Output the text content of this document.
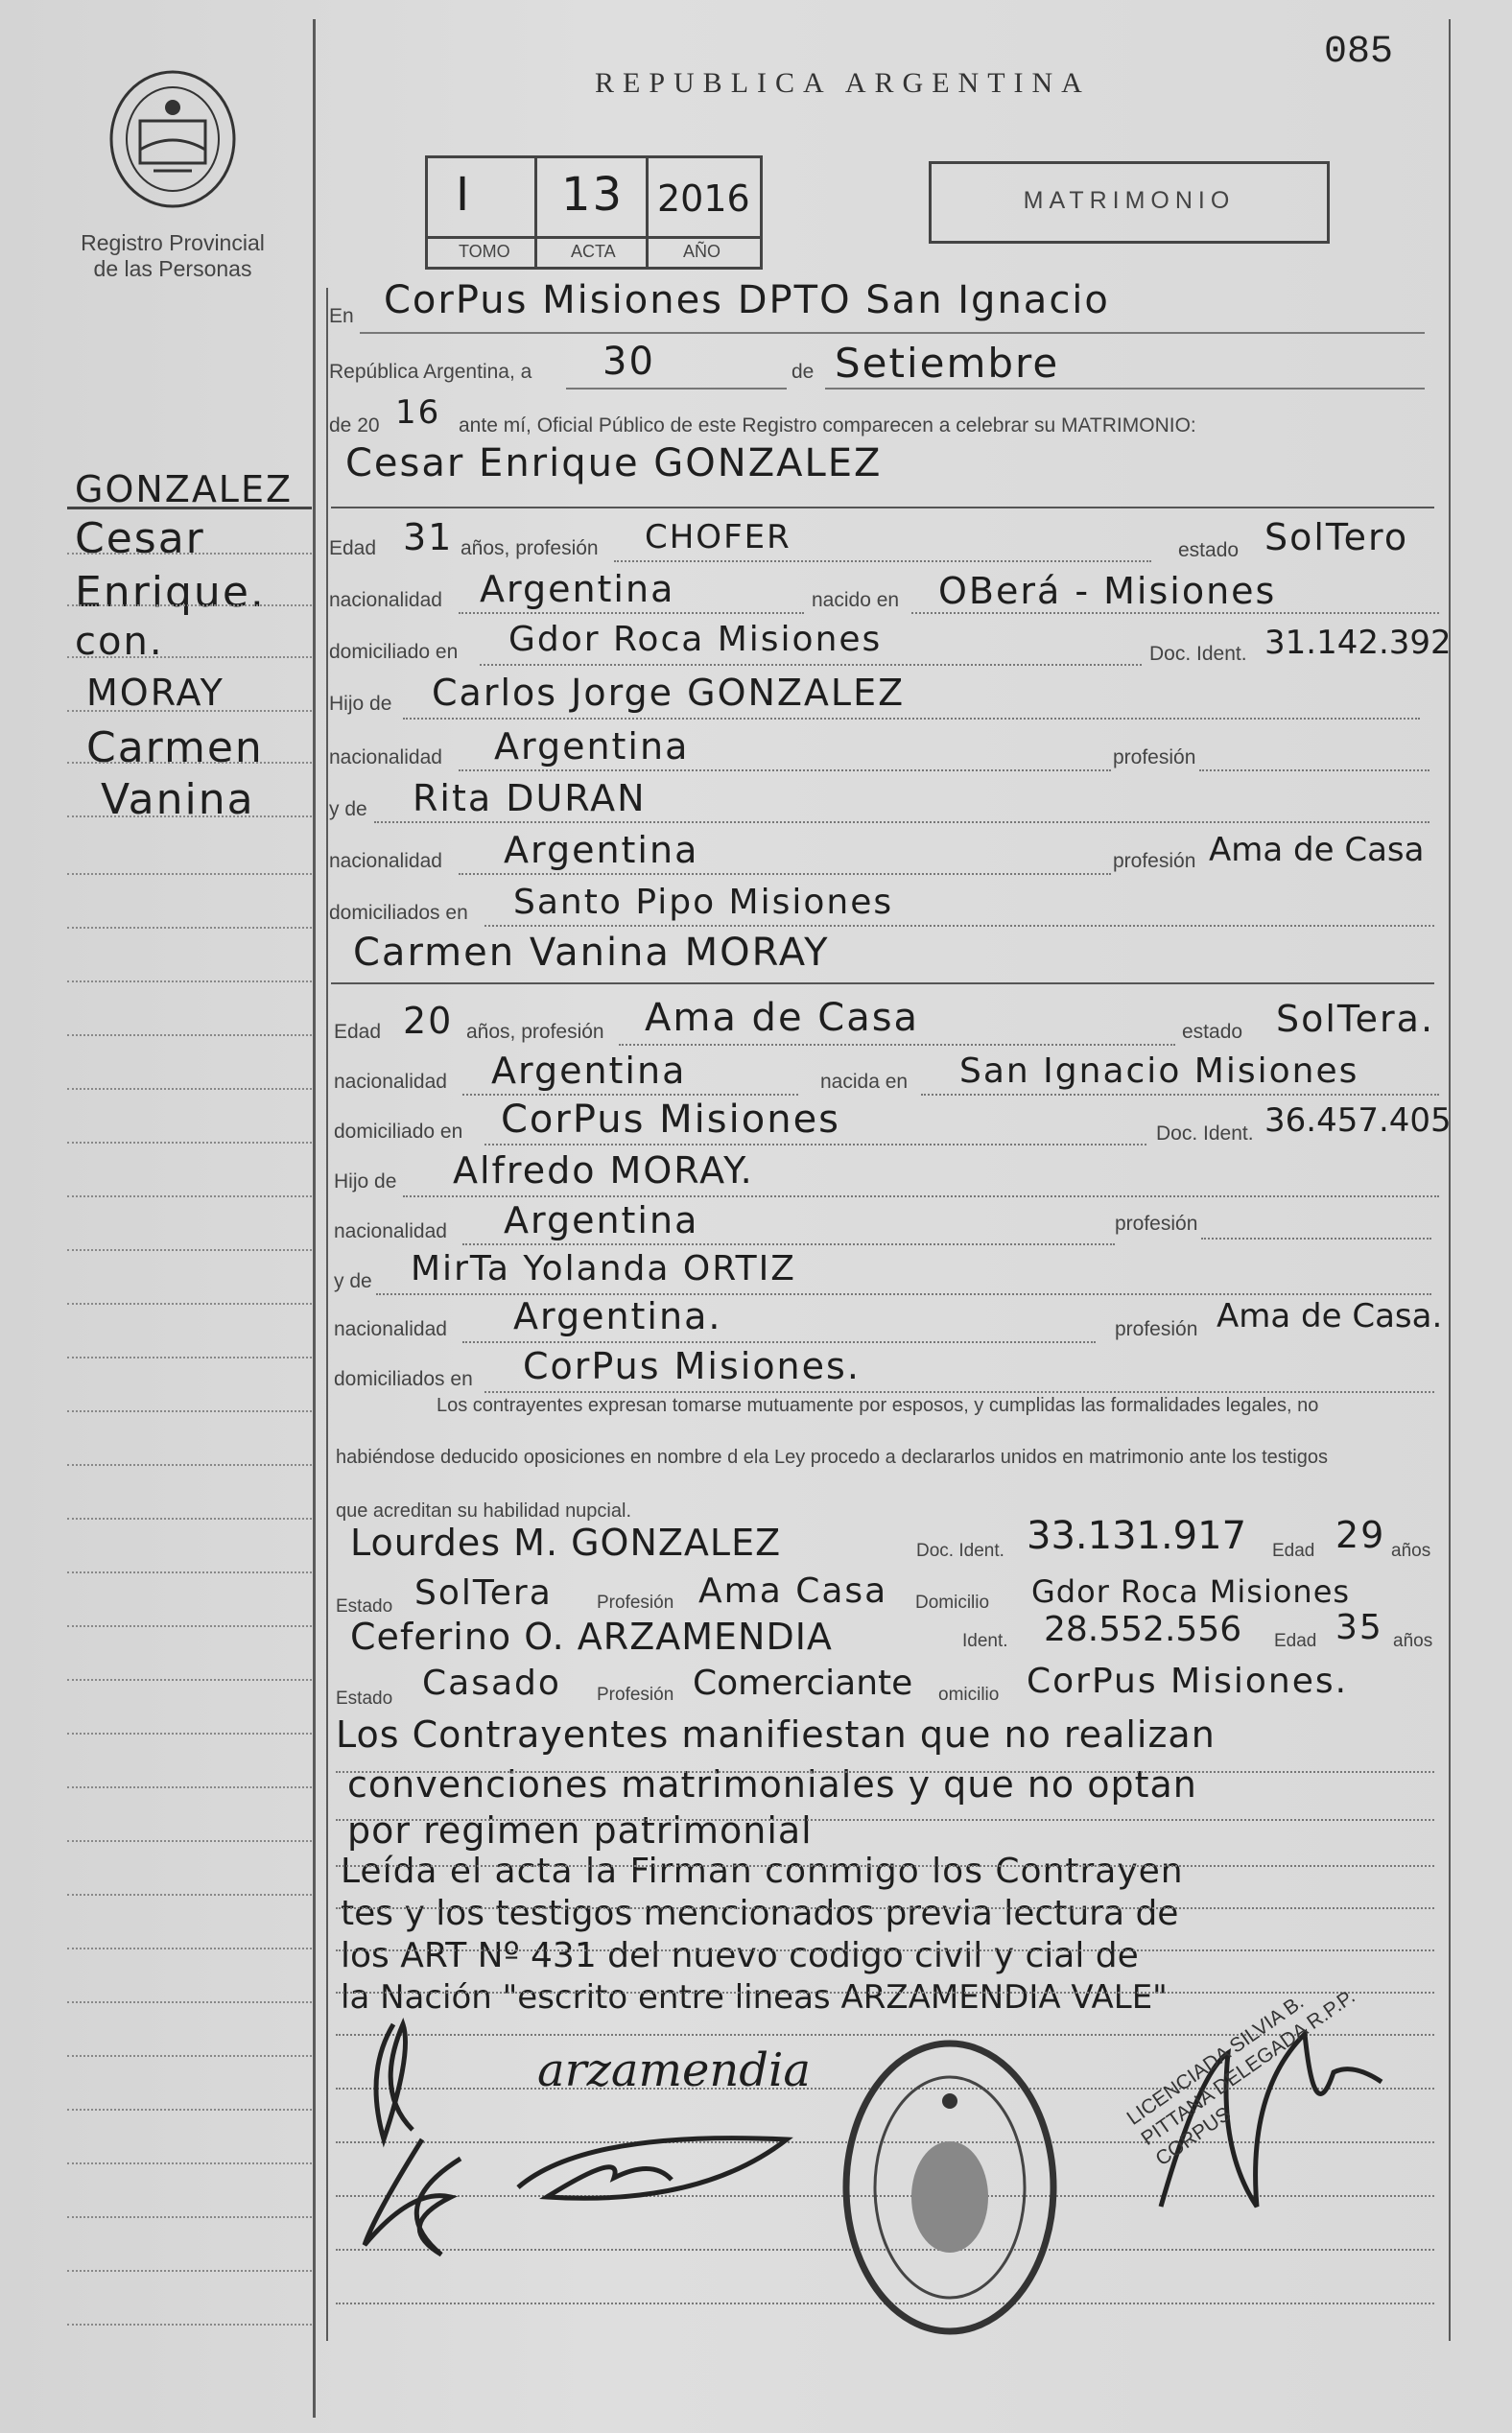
Registro Provincial de las Personas
REPUBLICA ARGENTINA
085
I 13 2016
TOMO	ACTA	AÑO
MATRIMONIO
GONZALEZ
Cesar
Enrique.
con.
MORAY
Carmen
Vanina
En CorPus Misiones DPTO San Ignacio
República Argentina, a 30	de Setiembre
de 20 16 ante mí, Oficial Público de este Registro comparecen a celebrar su MATRIMONIO:
Cesar Enrique GONZALEZ
Edad 31 años, profesión CHOFER	estado SolTero
nacionalidad Argentina	nacido en OBerá - Misiones
domiciliado en Gdor Roca Misiones	Doc. Ident. 31.142.392
Hijo de Carlos Jorge GONZALEZ
nacionalidad Argentina	profesión
y de Rita DURAN
nacionalidad Argentina	profesión Ama de Casa
domiciliados en Santo Pipo Misiones
Carmen Vanina MORAY
Edad 20 años, profesión Ama de Casa	estado SolTera.
nacionalidad Argentina	nacida en San Ignacio Misiones
domiciliado en CorPus Misiones	Doc. Ident. 36.457.405
Hijo de Alfredo MORAY.
nacionalidad Argentina	profesión
y de MirTa Yolanda ORTIZ
nacionalidad Argentina.	profesión Ama de Casa.
domiciliados en CorPus Misiones.
Los contrayentes expresan tomarse mutuamente por esposos, y cumplidas las formalidades legales, no
habiéndose deducido oposiciones en nombre d ela Ley procedo a declararlos unidos en matrimonio ante los testigos
que acreditan su habilidad nupcial.
Lourdes M. GONZALEZ	Doc. Ident. 33.131.917 Edad 29 años
Estado SolTera Profesión Ama Casa Domicilio Gdor Roca Misiones
Ceferino O. ARZAMENDIA	Ident. 28.552.556 Edad 35 años
Estado Casado Profesión Comerciante omicilio CorPus Misiones.
Los Contrayentes manifiestan que no realizan
convenciones matrimoniales y que no optan
por regimen patrimonial
Leída el acta la Firman conmigo los Contrayen
tes y los testigos mencionados previa lectura de
los ART Nº 431 del nuevo codigo civil y cial de
la Nación "escrito entre lineas ARZAMENDIA VALE"
arzamendia	LICENCIADA SILVIA B. PITTANA DELEGADA R.P.P. CORPUS
